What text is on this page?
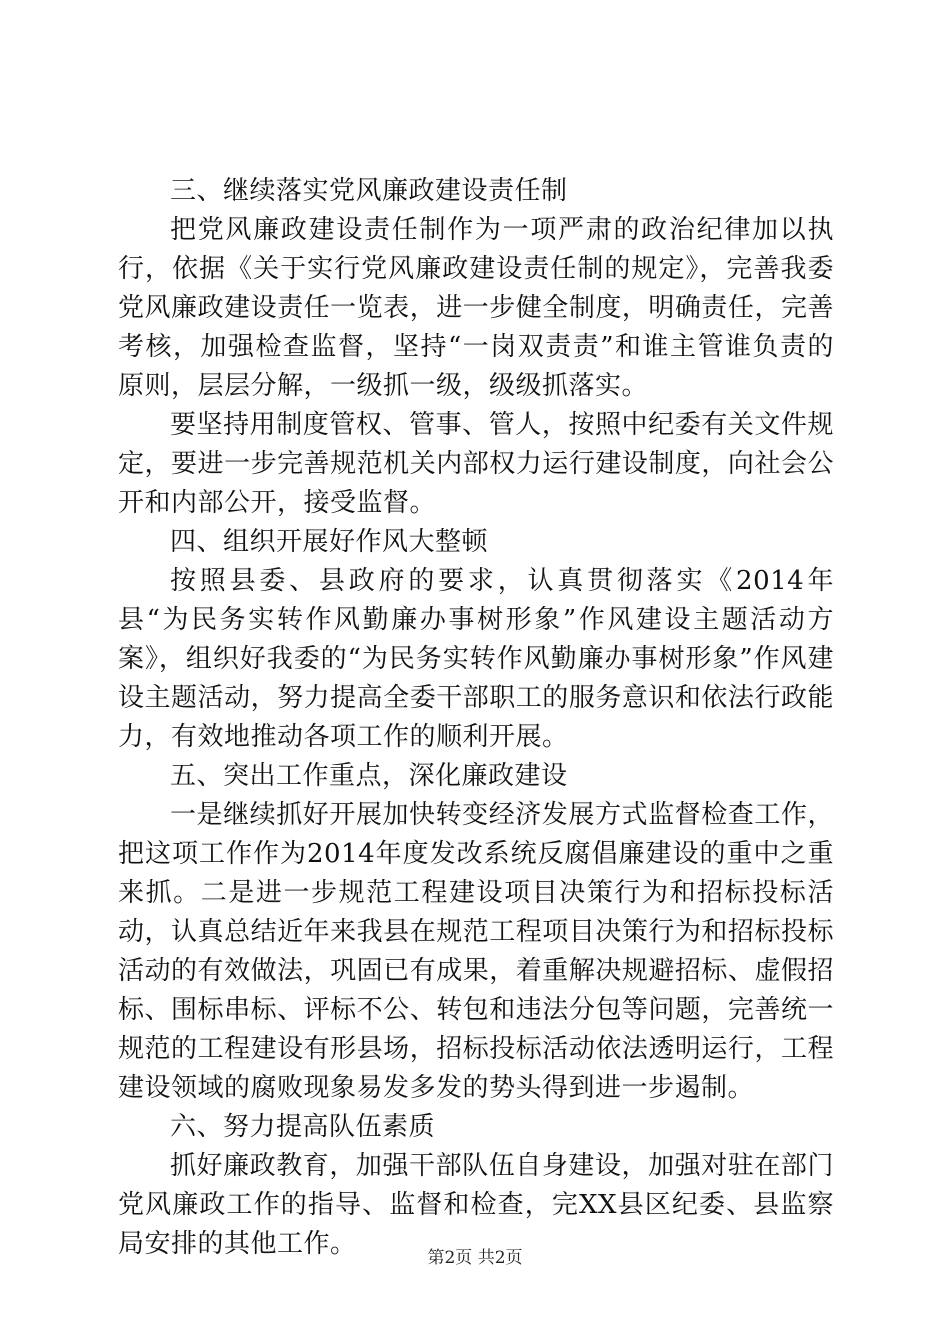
三、继续落实党风廉政建设责任制

把党风廉政建设责任制作为一项严肃的政治纪律加以执行，依据《关于实行党风廉政建设责任制的规定》，完善我委党风廉政建设责任一览表，进一步健全制度，明确责任，完善考核，加强检查监督，坚持“一岗双责责”和谁主管谁负责的原则，层层分解，一级抓一级，级级抓落实。

要坚持用制度管权、管事、管人，按照中纪委有关文件规定，要进一步完善规范机关内部权力运行建设制度，向社会公开和内部公开，接受监督。

四、组织开展好作风大整顿

按照县委、县政府的要求，认真贯彻落实《2014年县“为民务实转作风勤廉办事树形象”作风建设主题活动方案》，组织好我委的“为民务实转作风勤廉办事树形象”作风建设主题活动，努力提高全委干部职工的服务意识和依法行政能力，有效地推动各项工作的顺利开展。

五、突出工作重点，深化廉政建设

一是继续抓好开展加快转变经济发展方式监督检查工作，把这项工作作为2014年度发改系统反腐倡廉建设的重中之重来抓。二是进一步规范工程建设项目决策行为和招标投标活动，认真总结近年来我县在规范工程项目决策行为和招标投标活动的有效做法，巩固已有成果，着重解决规避招标、虚假招标、围标串标、评标不公、转包和违法分包等问题，完善统一规范的工程建设有形县场，招标投标活动依法透明运行，工程建设领域的腐败现象易发多发的势头得到进一步遏制。

六、努力提高队伍素质

抓好廉政教育，加强干部队伍自身建设，加强对驻在部门党风廉政工作的指导、监督和检查，完XX县区纪委、县监察局安排的其他工作。	第2页 共2页
